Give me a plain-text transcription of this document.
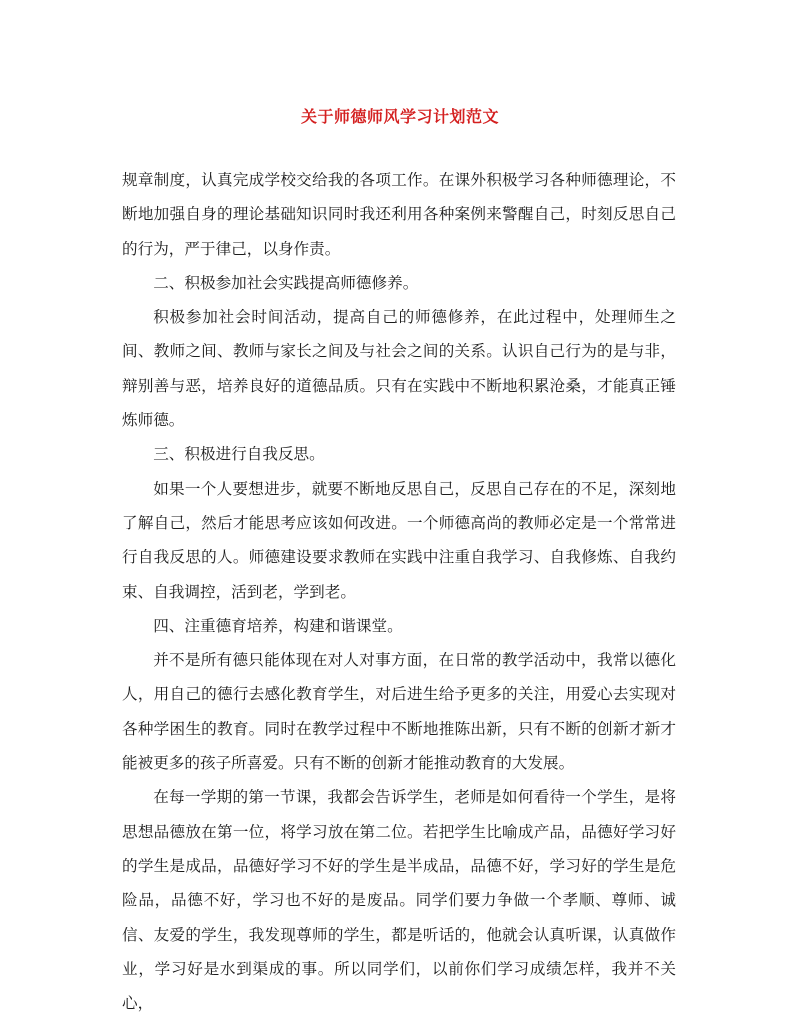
关于师德师风学习计划范文

规章制度，认真完成学校交给我的各项工作。在课外积极学习各种师德理论，不断地加强自身的理论基础知识同时我还利用各种案例来警醒自己，时刻反思自己的行为，严于律己，以身作责。

二、积极参加社会实践提高师德修养。

积极参加社会时间活动，提高自己的师德修养，在此过程中，处理师生之间、教师之间、教师与家长之间及与社会之间的关系。认识自己行为的是与非，辩别善与恶，培养良好的道德品质。只有在实践中不断地积累沧桑，才能真正锤炼师德。

三、积极进行自我反思。

如果一个人要想进步，就要不断地反思自己，反思自己存在的不足，深刻地了解自己，然后才能思考应该如何改进。一个师德高尚的教师必定是一个常常进行自我反思的人。师德建设要求教师在实践中注重自我学习、自我修炼、自我约束、自我调控，活到老，学到老。

四、注重德育培养，构建和谐课堂。

并不是所有德只能体现在对人对事方面，在日常的教学活动中，我常以德化人，用自己的德行去感化教育学生，对后进生给予更多的关注，用爱心去实现对各种学困生的教育。同时在教学过程中不断地推陈出新，只有不断的创新才新才能被更多的孩子所喜爱。只有不断的创新才能推动教育的大发展。

在每一学期的第一节课，我都会告诉学生，老师是如何看待一个学生，是将思想品德放在第一位，将学习放在第二位。若把学生比喻成产品，品德好学习好的学生是成品，品德好学习不好的学生是半成品，品德不好，学习好的学生是危险品，品德不好，学习也不好的是废品。同学们要力争做一个孝顺、尊师、诚信、友爱的学生，我发现尊师的学生，都是听话的，他就会认真听课，认真做作业，学习好是水到渠成的事。所以同学们，以前你们学习成绩怎样，我并不关心，
